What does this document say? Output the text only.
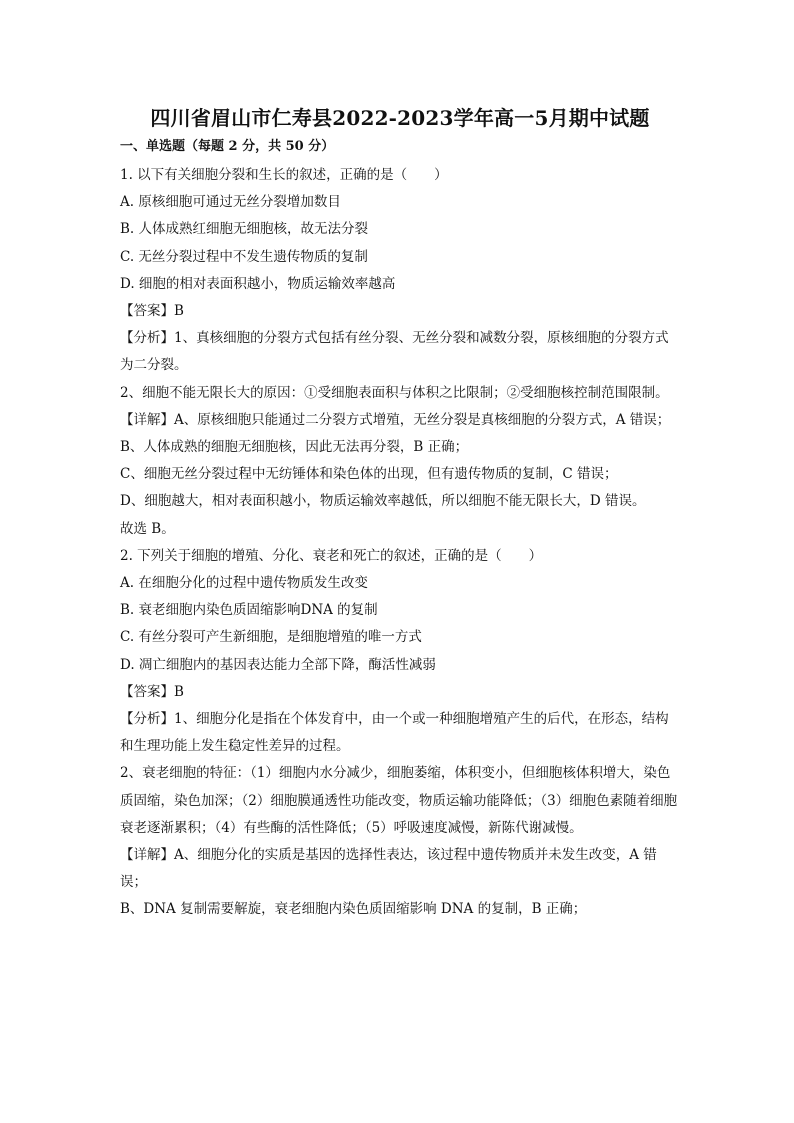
四川省眉山市仁寿县2022-2023学年高一5月期中试题
一、单选题（每题 2 分，共 50 分）
1. 以下有关细胞分裂和生长的叙述，正确的是（　　）
A. 原核细胞可通过无丝分裂增加数目
B. 人体成熟红细胞无细胞核，故无法分裂
C. 无丝分裂过程中不发生遗传物质的复制
D. 细胞的相对表面积越小，物质运输效率越高
【答案】B
【分析】1、真核细胞的分裂方式包括有丝分裂、无丝分裂和减数分裂，原核细胞的分裂方式为二分裂。
2、细胞不能无限长大的原因：①受细胞表面积与体积之比限制；②受细胞核控制范围限制。
【详解】A、原核细胞只能通过二分裂方式增殖，无丝分裂是真核细胞的分裂方式，A 错误；
B、人体成熟的细胞无细胞核，因此无法再分裂，B 正确；
C、细胞无丝分裂过程中无纺锤体和染色体的出现，但有遗传物质的复制，C 错误；
D、细胞越大，相对表面积越小，物质运输效率越低，所以细胞不能无限长大，D 错误。
故选 B。
2. 下列关于细胞的增殖、分化、衰老和死亡的叙述，正确的是（　　）
A. 在细胞分化的过程中遗传物质发生改变
B. 衰老细胞内染色质固缩影响DNA 的复制
C. 有丝分裂可产生新细胞，是细胞增殖的唯一方式
D. 凋亡细胞内的基因表达能力全部下降，酶活性减弱
【答案】B
【分析】1、细胞分化是指在个体发育中，由一个或一种细胞增殖产生的后代，在形态，结构和生理功能上发生稳定性差异的过程。
2、衰老细胞的特征：（1）细胞内水分减少，细胞萎缩，体积变小，但细胞核体积增大，染色质固缩，染色加深；（2）细胞膜通透性功能改变，物质运输功能降低；（3）细胞色素随着细胞衰老逐渐累积；（4）有些酶的活性降低；（5）呼吸速度减慢，新陈代谢减慢。
【详解】A、细胞分化的实质是基因的选择性表达，该过程中遗传物质并未发生改变，A 错误；
B、DNA 复制需要解旋，衰老细胞内染色质固缩影响 DNA 的复制，B 正确；
